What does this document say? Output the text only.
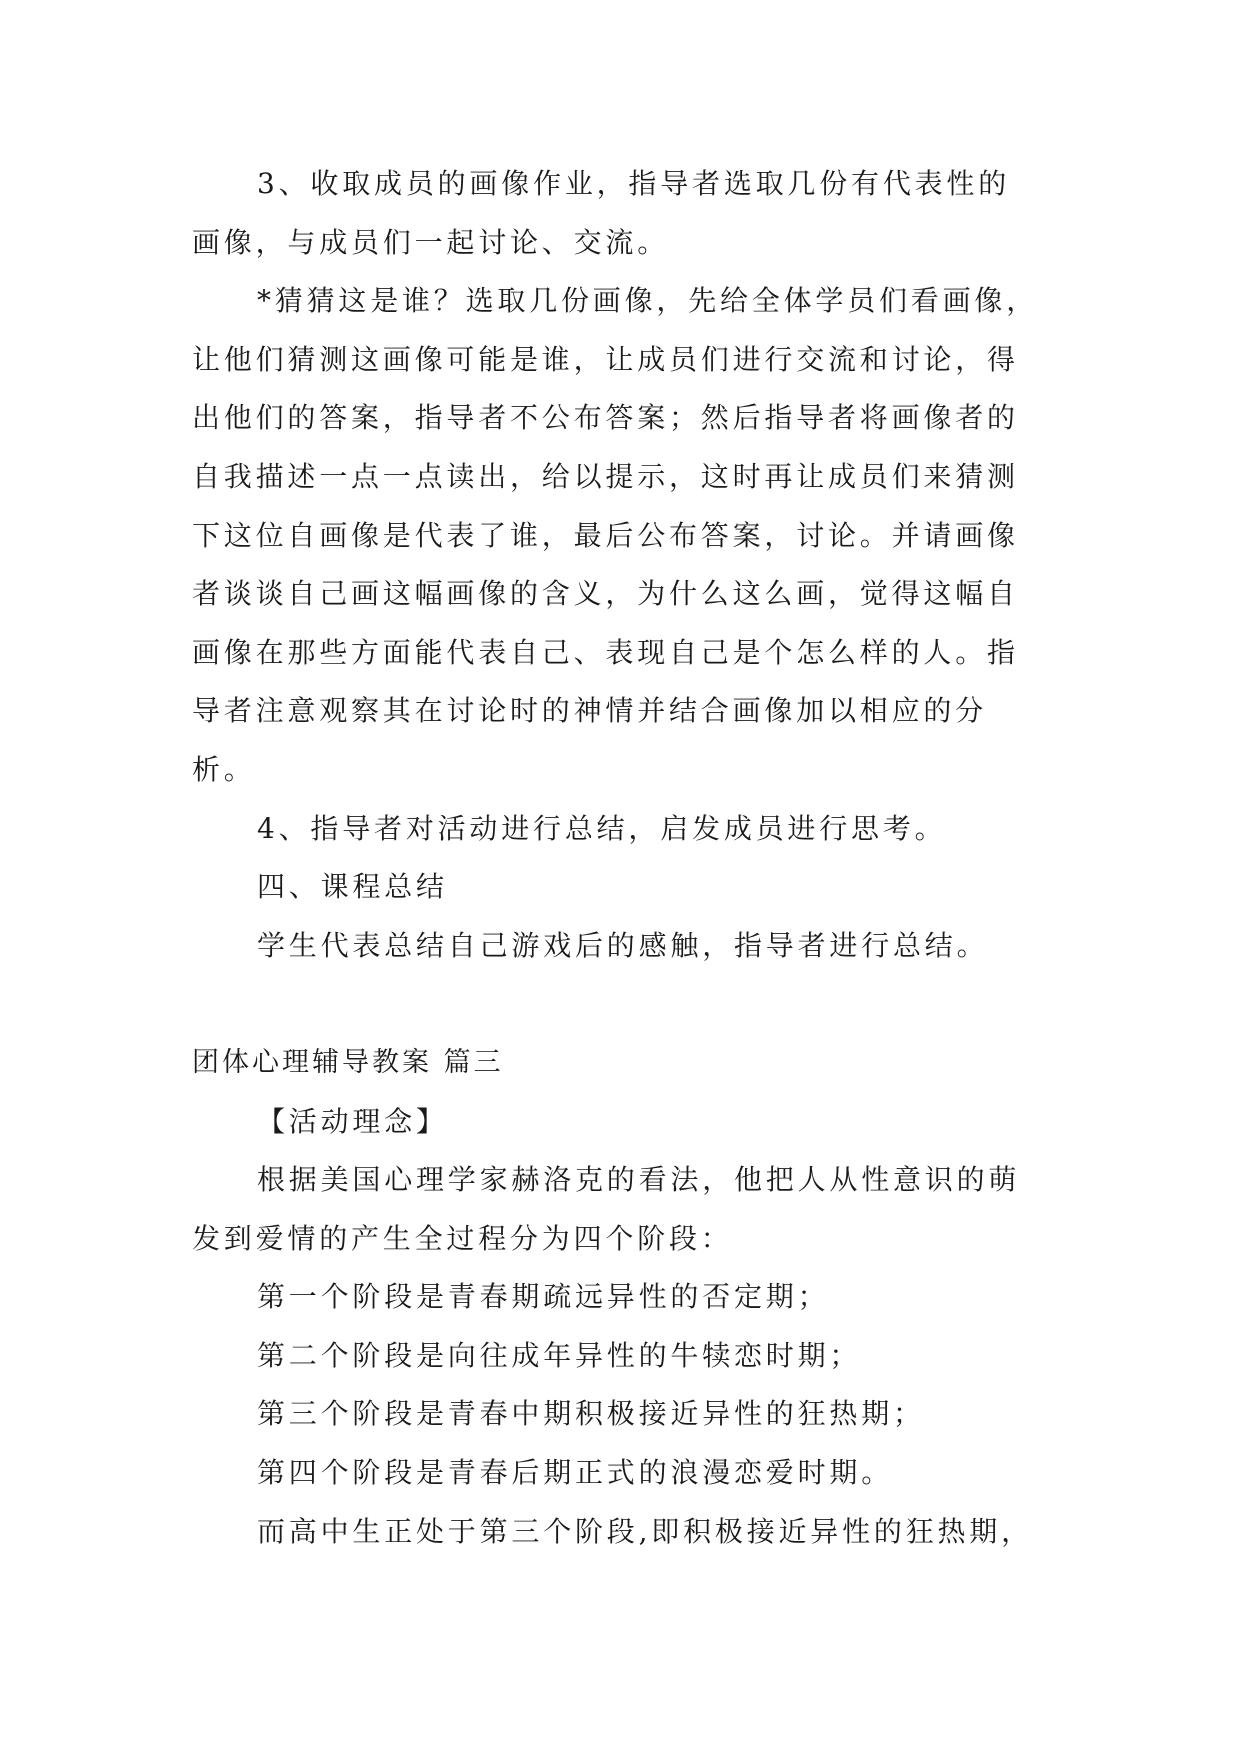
3、收取成员的画像作业，指导者选取几份有代表性的
画像，与成员们一起讨论、交流。
*猜猜这是谁？选取几份画像，先给全体学员们看画像，
让他们猜测这画像可能是谁，让成员们进行交流和讨论，得
出他们的答案，指导者不公布答案；然后指导者将画像者的
自我描述一点一点读出，给以提示，这时再让成员们来猜测
下这位自画像是代表了谁，最后公布答案，讨论。并请画像
者谈谈自己画这幅画像的含义，为什么这么画，觉得这幅自
画像在那些方面能代表自己、表现自己是个怎么样的人。指
导者注意观察其在讨论时的神情并结合画像加以相应的分
析。
4、指导者对活动进行总结，启发成员进行思考。
四、课程总结
学生代表总结自己游戏后的感触，指导者进行总结。
团体心理辅导教案 篇三
【活动理念】
根据美国心理学家赫洛克的看法，他把人从性意识的萌
发到爱情的产生全过程分为四个阶段：
第一个阶段是青春期疏远异性的否定期；
第二个阶段是向往成年异性的牛犊恋时期；
第三个阶段是青春中期积极接近异性的狂热期；
第四个阶段是青春后期正式的浪漫恋爱时期。
而高中生正处于第三个阶段,即积极接近异性的狂热期，
